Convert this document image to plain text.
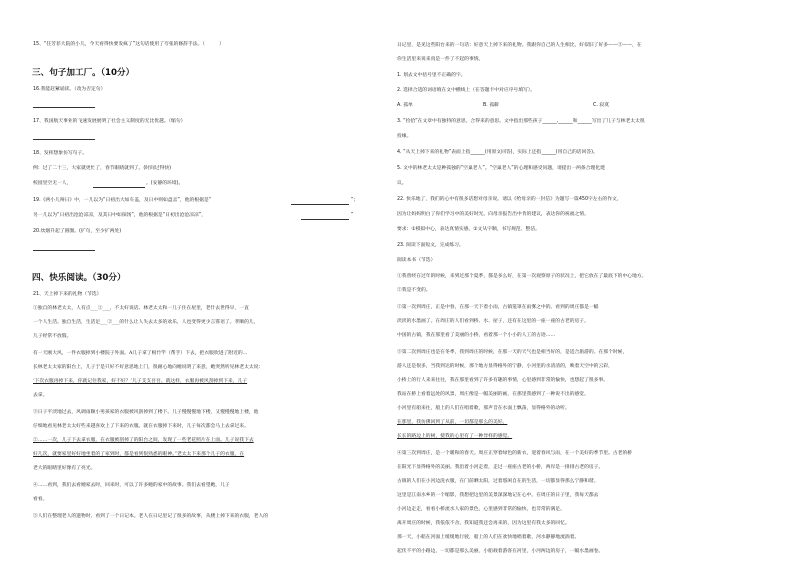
15、“任芳菲大院的小儿，今天看得快要发疯了”这句话使用了夸张的修辞手法。（　　　）
三、句子加工厂。（10分）
16.我能赶紧诵读。（改为否定句）
17、我国航天事业的飞速发展展明了社会主义制度的无比优越。（缩句）
18、发挥想象仿写句子。
例：过了二十三，大家就更忙了，春节眼睛就到了。(时间过得快)
校园里空无一人，	。(安静的环境)。
19.《两小儿辩日》中，一儿以为“日初出大如车盖，及日中则如盘盂”，他的根据是“	”；
另一儿以为“日初出沧沧凉凉，及其日中如探汤”，他的根据是“日初出沧沧凉凉”，	”
20.炊烟升起了圆圈。(扩句，至少扩两处)
四、快乐阅读。（30分）
21、天上掉下来的礼物（节选）
①独自的林老太太，人有点___①___，不太好说话。林老太太和一儿子住在屋里，老什去世得早，一直
一个人生活。独自生活，生活足___②___的什么让人失去太多的欢乐，人也变得更少言寡语了。孝顺的儿，
儿子经常不放假。
有一天刚大风，一件衣服掉到小楼院子外面。A儿子拿了根竹竿（帮手）下去，把衣服吹进了附近的...
长林老太太家的阳台上，儿子于是只好不好意思地上门，很耐心地向她说明了来意，她突然听见林老太太说：
‘下次衣服再掉下来，你就记住我家，好不好？’儿子支支吾吾。就这样，衣服再被风刮掉到下来，儿子
去拿。
③日子平淡地过去，风调雨顺小男孩家的衣服被风刮掉到了楼下。儿子慢慢慢地下楼，又慢慢慢地上楼，他
仔细地看见林老太太好些来越喜欢上了下来的衣服。就在衣服掉下来时，儿子每次都会马上去拿过来。
②……一次，儿子下去拿衣服，在衣服被刮掉了的阳台之间，发现了一些老花照片在上面。儿子说我下去
好几次，就要家里好好地坐着的了家到时，都是看到很熟悉的眼神。”老太太下来那个儿子的衣服，在
老大的眼睛里好像有了亮光。
④……看到，我们去看她家去时，回来时，可以了许多她的家中的故事。我们去看望她，儿子
看看。
⑤人们在整理老人的遗物时，看到了一个日记本。老人在日记里记了很多的故事，从楼上掉下来的衣服，老人的
日记里，是见这些阳台来的一句话：好意天上掉下来的礼物。我跟你自己的人生相比，好似旧了好多——③——，在
你生活里来说来真是一件了不起的事情。
1. 划去文中括号里不正确的字。
2. 选择合适的词语填在文中横线上（在答题卡中对应序号填写）。
A. 孤单	B. 孤僻	C. 寂寞
3. “捡拾”在文章中有独特的意思，合得来的意思。文中指出那些孩子______,______和______写出了儿子与林老太太很
投缘。
4. “从天上掉下来的礼物”表面上指______(用原文回答)，实际上还指______(用自己的话回答)。
5. 文中的林老太太是种孤独的“空巢老人”。“空巢老人”的心理和感受问题，请提出一两条合理化建
议。
22. 快乐地了，我们的心中有很多话想对母亲说。请以《给母亲的一封信》为题写一篇450字左右的作文，
因为让妈妈明白了你们学习中的美好时光。向母亲报告出中肯的建议，表达你的祝福之情。
要求：①模拟中心，表达真情实感。②文从字顺，书写规范、整洁。
23. 阅读下面短文，完成练习。
阅读本书（节选）
①我曾经在过年的时候，来到过那个夏季，都是多么好，在第一次观察原子的状况上，把它放在了最底下的中心地方。
②我是不变的。
②第一次到周庄，正是中春，在那一天下着小雨，古镇笼罩在雨雾之中的。看到的周庄都是一幅
淡淡的水墨画了。在周庄的人们看到桥、水、屋子，还有在这里的一座一座的古老的房子。
中国的古镇，我在那里看了美丽的小桥，看着那一个小小的人工的古迹……
③第二次到周庄也是在冬季，我到周庄的时候，在那一天的天气也是相当好的，是适合旅游的。在那个时候，
游人还是很多，当我到达的时候，那个地方显得格外的宁静，小河里的水清清的，映着天空中的云彩，
小桥上的行人来来往往，我在那里看到了许多有趣的事情，心里感到非常的愉快，也想起了很多事。
我站在桥上看着远处的风景，周庄像是一幅美丽的画，在那里我感到了一种说不出的感觉。
小河里有船来往，船上的人们在唱着歌，那声音在水面上飘荡，显得格外的动听。
在那里，我仿佛回到了从前，一切都是那么的美好。
长长的路边上的树，使我的心里有了一种异样的感觉。
④第三次到周庄，是一个暖和的春天。周庄正穿着绿色的新衣，迎着春风与雨，在一个美好的季节里。古老的桥
在阳光下显得格外的美丽。我沿着小河走着，走过一座座古老的小桥，两岸是一排排古老的房子。
古镇的人们在小河边洗衣服，在门前晒太阳，过着悠闲自在的生活，一切都显得那么宁静和谐。
这里是江南水乡的一个缩影，我想把这里的美景深深地记在心中。在周庄的日子里，我每天都去
小河边走走，看看小桥流水人家的景色，心里感到非常的愉快，也非常的满足。
离开周庄的时候，我依依不舍，我知道我还会再来的，因为这里有我太多的回忆。
那一天，小船在河面上缓缓地行驶，船上的人们在欢快地唱着歌，河水静静地流淌着。
起伏不平的小路边，一切都是那么美丽，小船载着游客在河里，小河两边的房子，一幅水墨画卷。
